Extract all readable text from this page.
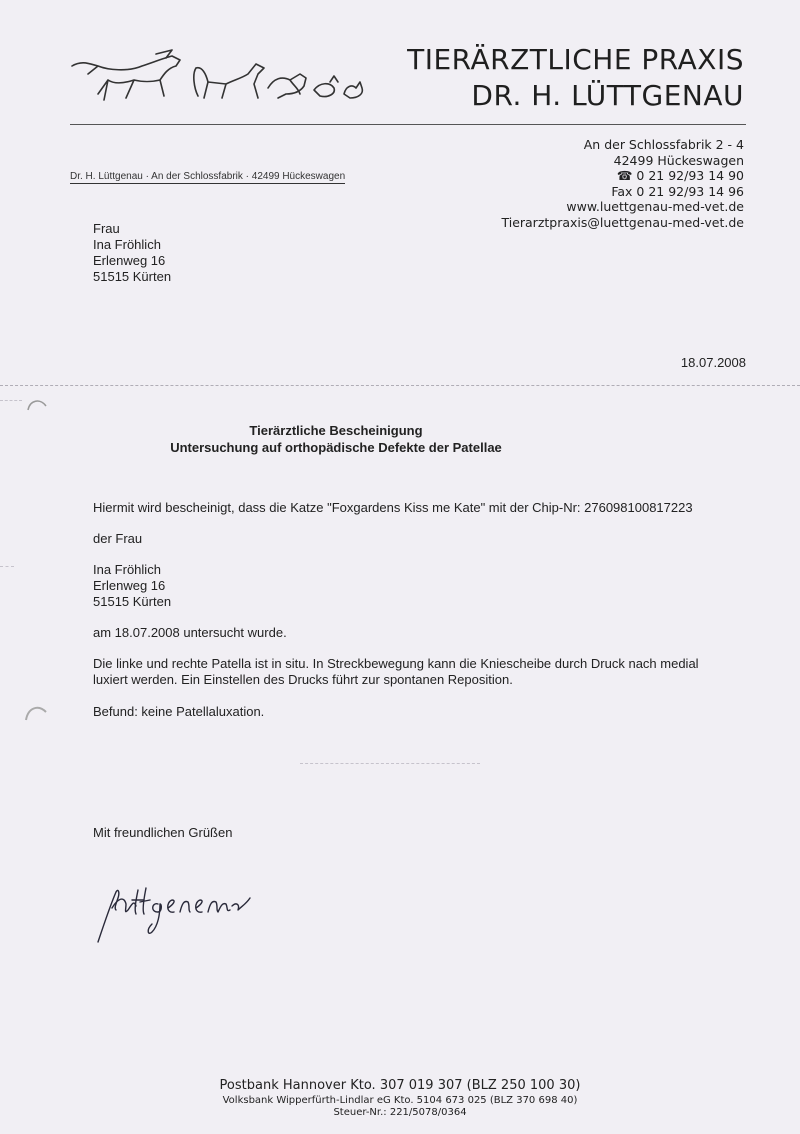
TIERÄRZTLICHE PRAXIS
DR. H. LÜTTGENAU
Dr. H. Lüttgenau · An der Schlossfabrik · 42499 Hückeswagen
An der Schlossfabrik 2 - 4
42499 Hückeswagen
☎ 0 21 92/93 14 90
Fax 0 21 92/93 14 96
www.luettgenau-med-vet.de
Tierarztpraxis@luettgenau-med-vet.de
Frau
Ina Fröhlich
Erlenweg 16
51515 Kürten
18.07.2008
Tierärztliche Bescheinigung
Untersuchung auf orthopädische Defekte der Patellae
Hiermit wird bescheinigt, dass die Katze "Foxgardens Kiss me Kate" mit der Chip-Nr: 276098100817223
der Frau
Ina Fröhlich
Erlenweg 16
51515 Kürten
am 18.07.2008 untersucht wurde.
Die linke und rechte Patella ist in situ. In Streckbewegung kann die Kniescheibe durch Druck nach medial
luxiert werden. Ein Einstellen des Drucks führt zur spontanen Reposition.
Befund: keine Patellaluxation.
Mit freundlichen Grüßen
Postbank Hannover Kto. 307 019 307 (BLZ 250 100 30)
Volksbank Wipperfürth-Lindlar eG Kto. 5104 673 025 (BLZ 370 698 40)
Steuer-Nr.: 221/5078/0364
